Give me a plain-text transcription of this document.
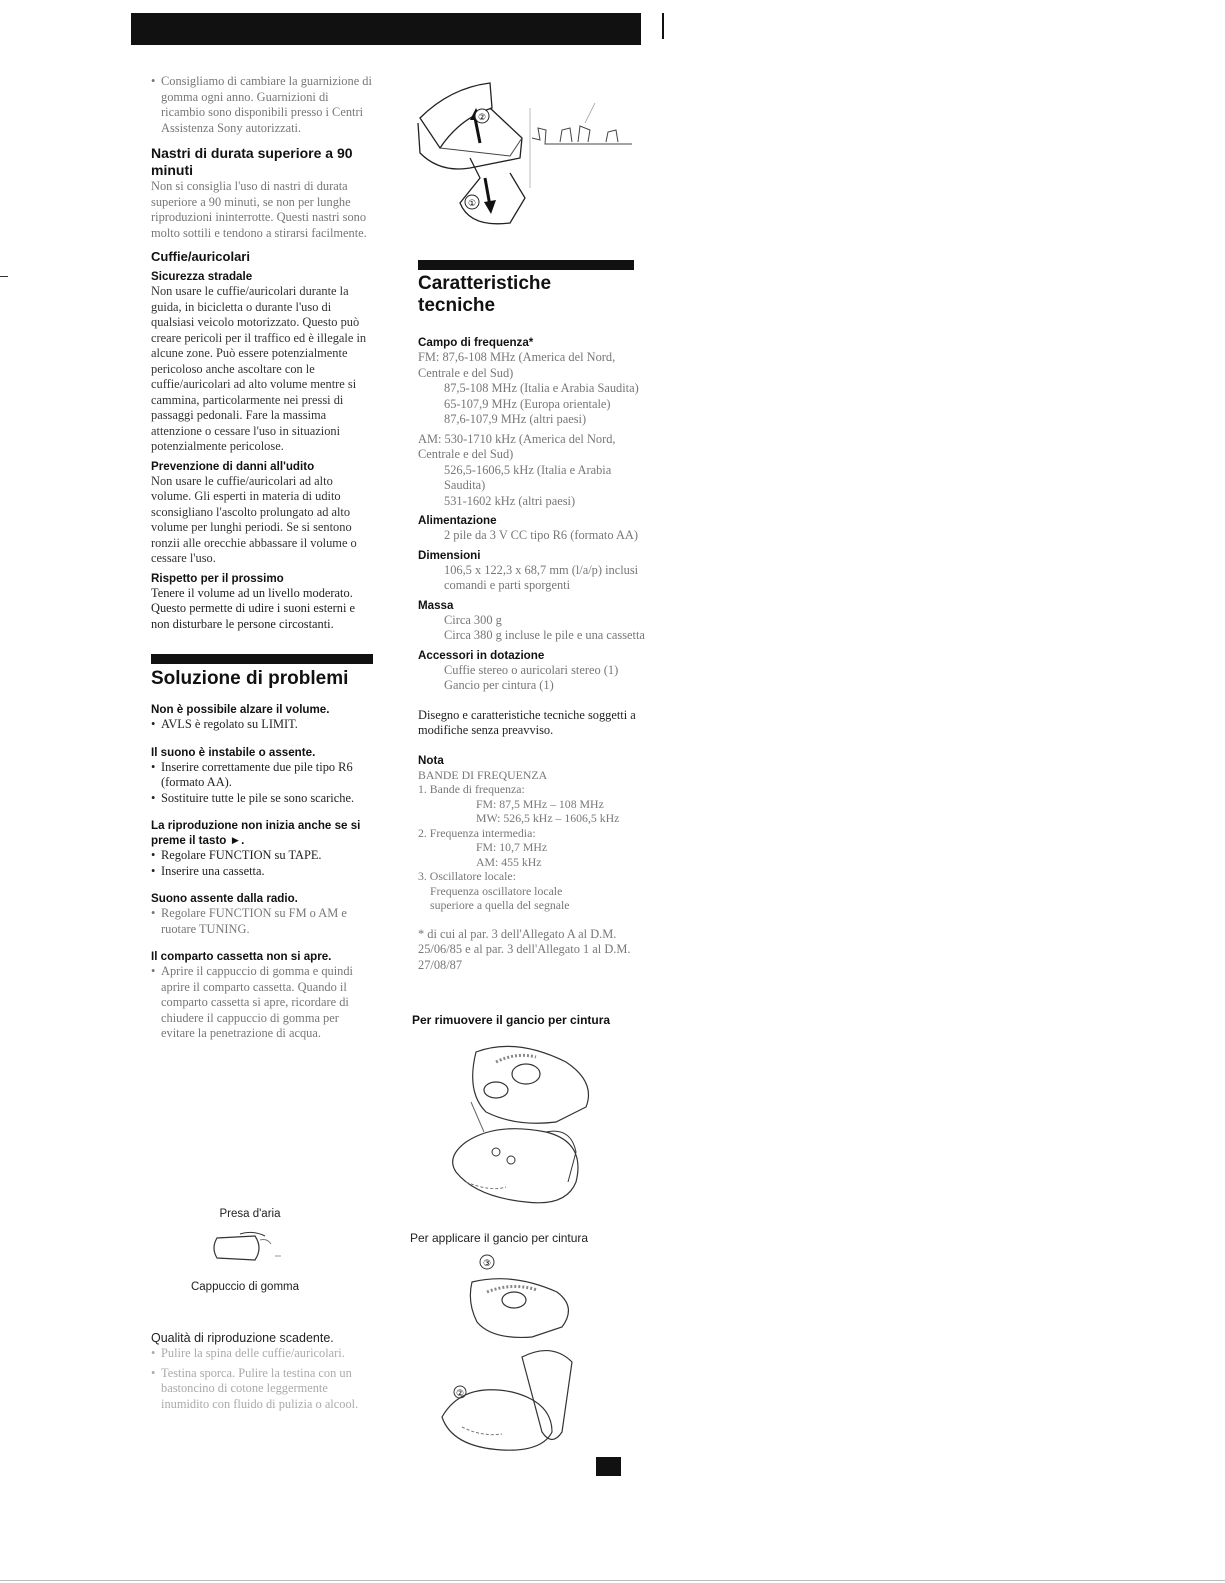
• Consigliamo di cambiare la guarnizione di gomma ogni anno. Guarnizioni di ricambio sono disponibili presso i Centri Assistenza Sony autorizzati.

Nastri di durata superiore a 90 minuti

Non si consiglia l'uso di nastri di durata superiore a 90 minuti, se non per lunghe riproduzioni ininterrotte. Questi nastri sono molto sottili e tendono a stirarsi facilmente.

Cuffie/auricolari
Sicurezza stradale

Non usare le cuffie/auricolari durante la guida, in bicicletta o durante l'uso di qualsiasi veicolo motorizzato. Questo può creare pericoli per il traffico ed è illegale in alcune zone. Può essere potenzialmente pericoloso anche ascoltare con le cuffie/auricolari ad alto volume mentre si cammina, particolarmente nei pressi di passaggi pedonali. Fare la massima attenzione o cessare l'uso in situazioni potenzialmente pericolose.

Prevenzione di danni all'udito

Non usare le cuffie/auricolari ad alto volume. Gli esperti in materia di udito sconsigliano l'ascolto prolungato ad alto volume per lunghi periodi. Se si sentono ronzii alle orecchie abbassare il volume o cessare l'uso.

Rispetto per il prossimo

Tenere il volume ad un livello moderato. Questo permette di udire i suoni esterni e non disturbare le persone circostanti.

Soluzione di problemi
Non è possibile alzare il volume.

• AVLS è regolato su LIMIT.

Il suono è instabile o assente.

• Inserire correttamente due pile tipo R6 (formato AA).

• Sostituire tutte le pile se sono scariche.

La riproduzione non inizia anche se si preme il tasto ►.

• Regolare FUNCTION su TAPE.

• Inserire una cassetta.

Suono assente dalla radio.

• Regolare FUNCTION su FM o AM e ruotare TUNING.

Il comparto cassetta non si apre.

• Aprire il cappuccio di gomma e quindi aprire il comparto cassetta. Quando il comparto cassetta si apre, ricordare di chiudere il cappuccio di gomma per evitare la penetrazione di acqua.

Presa d'aria
Cappuccio di gomma
Qualità di riproduzione scadente.

• Pulire la spina delle cuffie/auricolari.

• Testina sporca. Pulire la testina con un bastoncino di cotone leggermente inumidito con fluido di pulizia o alcool.

②
①
Caratteristiche tecniche
Campo di frequenza*

FM: 87,6-108 MHz (America del Nord, Centrale e del Sud)

87,5-108 MHz (Italia e Arabia Saudita)

65-107,9 MHz (Europa orientale)

87,6-107,9 MHz (altri paesi)

AM: 530-1710 kHz (America del Nord, Centrale e del Sud)

526,5-1606,5 kHz (Italia e Arabia Saudita)

531-1602 kHz (altri paesi)

Alimentazione

2 pile da 3 V CC tipo R6 (formato AA)

Dimensioni

106,5 x 122,3 x 68,7 mm (l/a/p) inclusi comandi e parti sporgenti

Massa

Circa 300 g

Circa 380 g incluse le pile e una cassetta

Accessori in dotazione

Cuffie stereo o auricolari stereo (1)

Gancio per cintura (1)

Disegno e caratteristiche tecniche soggetti a modifiche senza preavviso.

Nota

BANDE DI FREQUENZA

1. Bande di frequenza:

FM: 87,5 MHz – 108 MHz

MW: 526,5 kHz – 1606,5 kHz

2. Frequenza intermedia:

FM: 10,7 MHz

AM: 455 kHz

3. Oscillatore locale:

Frequenza oscillatore locale superiore a quella del segnale

* di cui al par. 3 dell'Allegato A al D.M. 25/06/85 e al par. 3 dell'Allegato 1 al D.M. 27/08/87

Per rimuovere il gancio per cintura
Per applicare il gancio per cintura
③
②
